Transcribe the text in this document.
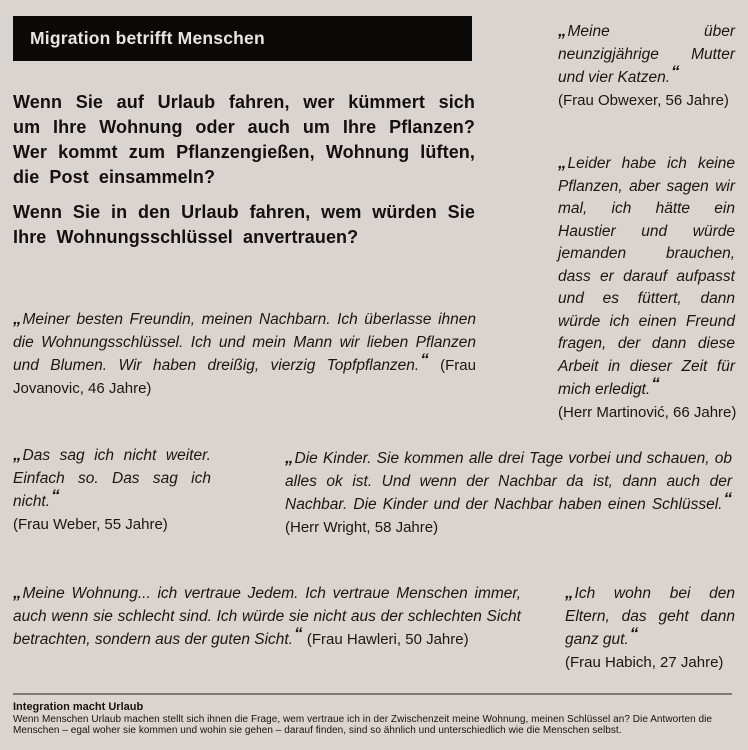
Migration betrifft Menschen
Wenn Sie auf Urlaub fahren, wer kümmert sich um Ihre Wohnung oder auch um Ihre Pflanzen? Wer kommt zum Pflanzengießen, Wohnung lüften, die Post einsammeln?
Wenn Sie in den Urlaub fahren, wem würden Sie Ihre Wohnungsschlüssel anvertrauen?
„Meine über neunzigjährige Mutter und vier Katzen.“
(Frau Obwexer, 56 Jahre)
„Leider habe ich keine Pflanzen, aber sagen wir mal, ich hätte ein Haustier und würde jemanden brauchen, dass er darauf aufpasst und es füttert, dann würde ich einen Freund fragen, der dann diese Arbeit in dieser Zeit für mich erledigt.“
(Herr Martinović, 66 Jahre)
„Meiner besten Freundin, meinen Nachbarn. Ich überlasse ihnen die Wohnungsschlüssel. Ich und mein Mann wir lieben Pflanzen und Blumen. Wir haben dreißig, vierzig Topfpflanzen.“ (Frau Jovanovic, 46 Jahre)
„Das sag ich nicht weiter. Einfach so. Das sag ich nicht.“
(Frau Weber, 55 Jahre)
„Die Kinder. Sie kommen alle drei Tage vorbei und schauen, ob alles ok ist. Und wenn der Nachbar da ist, dann auch der Nachbar. Die Kinder und der Nachbar haben einen Schlüssel.“ (Herr Wright, 58 Jahre)
„Meine Wohnung... ich vertraue Jedem. Ich vertraue Menschen immer, auch wenn sie schlecht sind. Ich würde sie nicht aus der schlechten Sicht betrachten, sondern aus der guten Sicht.“ (Frau Hawleri, 50 Jahre)
„Ich wohn bei den Eltern, das geht dann ganz gut.“
(Frau Habich, 27 Jahre)
Integration macht Urlaub
Wenn Menschen Urlaub machen stellt sich ihnen die Frage, wem vertraue ich in der Zwischenzeit meine Wohnung, meinen Schlüssel an? Die Antworten die Menschen – egal woher sie kommen und wohin sie gehen – darauf finden, sind so ähnlich und unterschiedlich wie die Menschen selbst.
